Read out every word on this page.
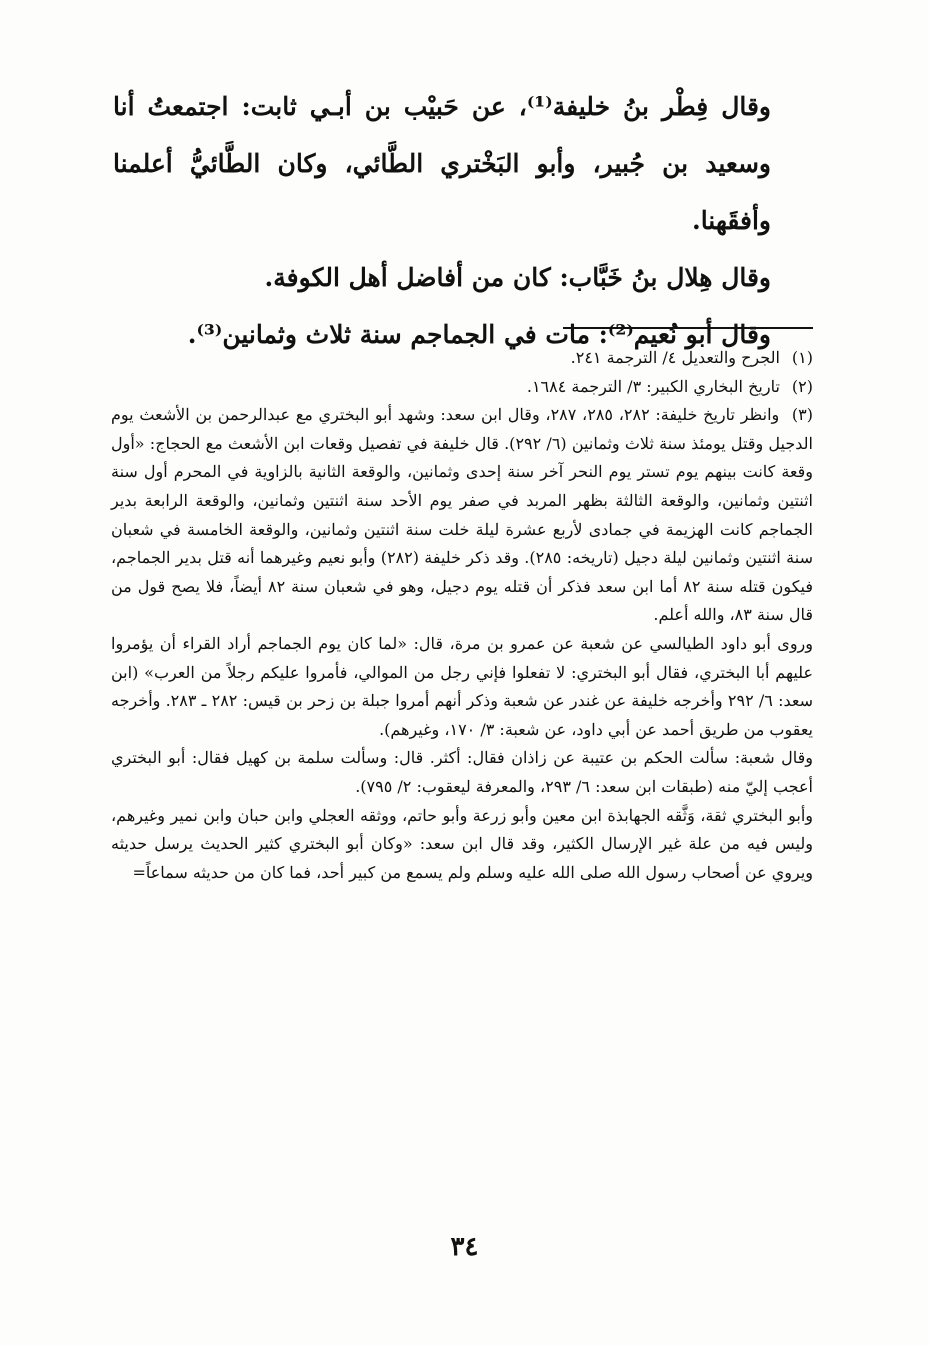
وقال فِطْر بنُ خليفة⁽¹⁾، عن حَبيْب بن أبـي ثابت: اجتمعتُ أنا وسعيد بن جُبير، وأبو البَخْتري الطَّائي، وكان الطَّائيُّ أعلمنا وأفقَهنا.

وقال هِلال بنُ خَبَّاب: كان من أفاضل أهل الكوفة.

وقال أبو نُعيم⁽²⁾: مات في الجماجم سنة ثلاث وثمانين⁽³⁾.

(١) الجرح والتعديل ٤/ الترجمة ٢٤١.

(٢) تاريخ البخاري الكبير: ٣/ الترجمة ١٦٨٤.

(٣) وانظر تاريخ خليفة: ٢٨٢، ٢٨٥، ٢٨٧، وقال ابن سعد: وشهد أبو البختري مع عبدالرحمن بن الأشعث يوم الدجيل وقتل يومئذ سنة ثلاث وثمانين (٦/ ٢٩٢). قال خليفة في تفصيل وقعات ابن الأشعث مع الحجاج: «أول وقعة كانت بينهم يوم تستر يوم النحر آخر سنة إحدى وثمانين، والوقعة الثانية بالزاوية في المحرم أول سنة اثنتين وثمانين، والوقعة الثالثة بظهر المربد في صفر يوم الأحد سنة اثنتين وثمانين، والوقعة الرابعة بدير الجماجم كانت الهزيمة في جمادى لأربع عشرة ليلة خلت سنة اثنتين وثمانين، والوقعة الخامسة في شعبان سنة اثنتين وثمانين ليلة دجيل (تاريخه: ٢٨٥). وقد ذكر خليفة (٢٨٢) وأبو نعيم وغيرهما أنه قتل بدير الجماجم، فيكون قتله سنة ٨٢ أما ابن سعد فذكر أن قتله يوم دجيل، وهو في شعبان سنة ٨٢ أيضاً، فلا يصح قول من قال سنة ٨٣، والله أعلم.

وروى أبو داود الطيالسي عن شعبة عن عمرو بن مرة، قال: «لما كان يوم الجماجم أراد القراء أن يؤمروا عليهم أبا البختري، فقال أبو البختري: لا تفعلوا فإني رجل من الموالي، فأمروا عليكم رجلاً من العرب» (ابن سعد: ٦/ ٢٩٢ وأخرجه خليفة عن غندر عن شعبة وذكر أنهم أمروا جبلة بن زحر بن قيس: ٢٨٢ ـ ٢٨٣. وأخرجه يعقوب من طريق أحمد عن أبي داود، عن شعبة: ٣/ ١٧٠، وغيرهم).

وقال شعبة: سألت الحكم بن عتيبة عن زاذان فقال: أكثر. قال: وسألت سلمة بن كهيل فقال: أبو البختري أعجب إليّ منه (طبقات ابن سعد: ٦/ ٢٩٣، والمعرفة ليعقوب: ٢/ ٧٩٥).

وأبو البختري ثقة، وَثَّقه الجهابذة ابن معين وأبو زرعة وأبو حاتم، ووثقه العجلي وابن حبان وابن نمير وغيرهم، وليس فيه من علة غير الإرسال الكثير، وقد قال ابن سعد: «وكان أبو البختري كثير الحديث يرسل حديثه ويروي عن أصحاب رسول الله صلى الله عليه وسلم ولم يسمع من كبير أحد، فما كان من حديثه سماعاً=

٣٤
